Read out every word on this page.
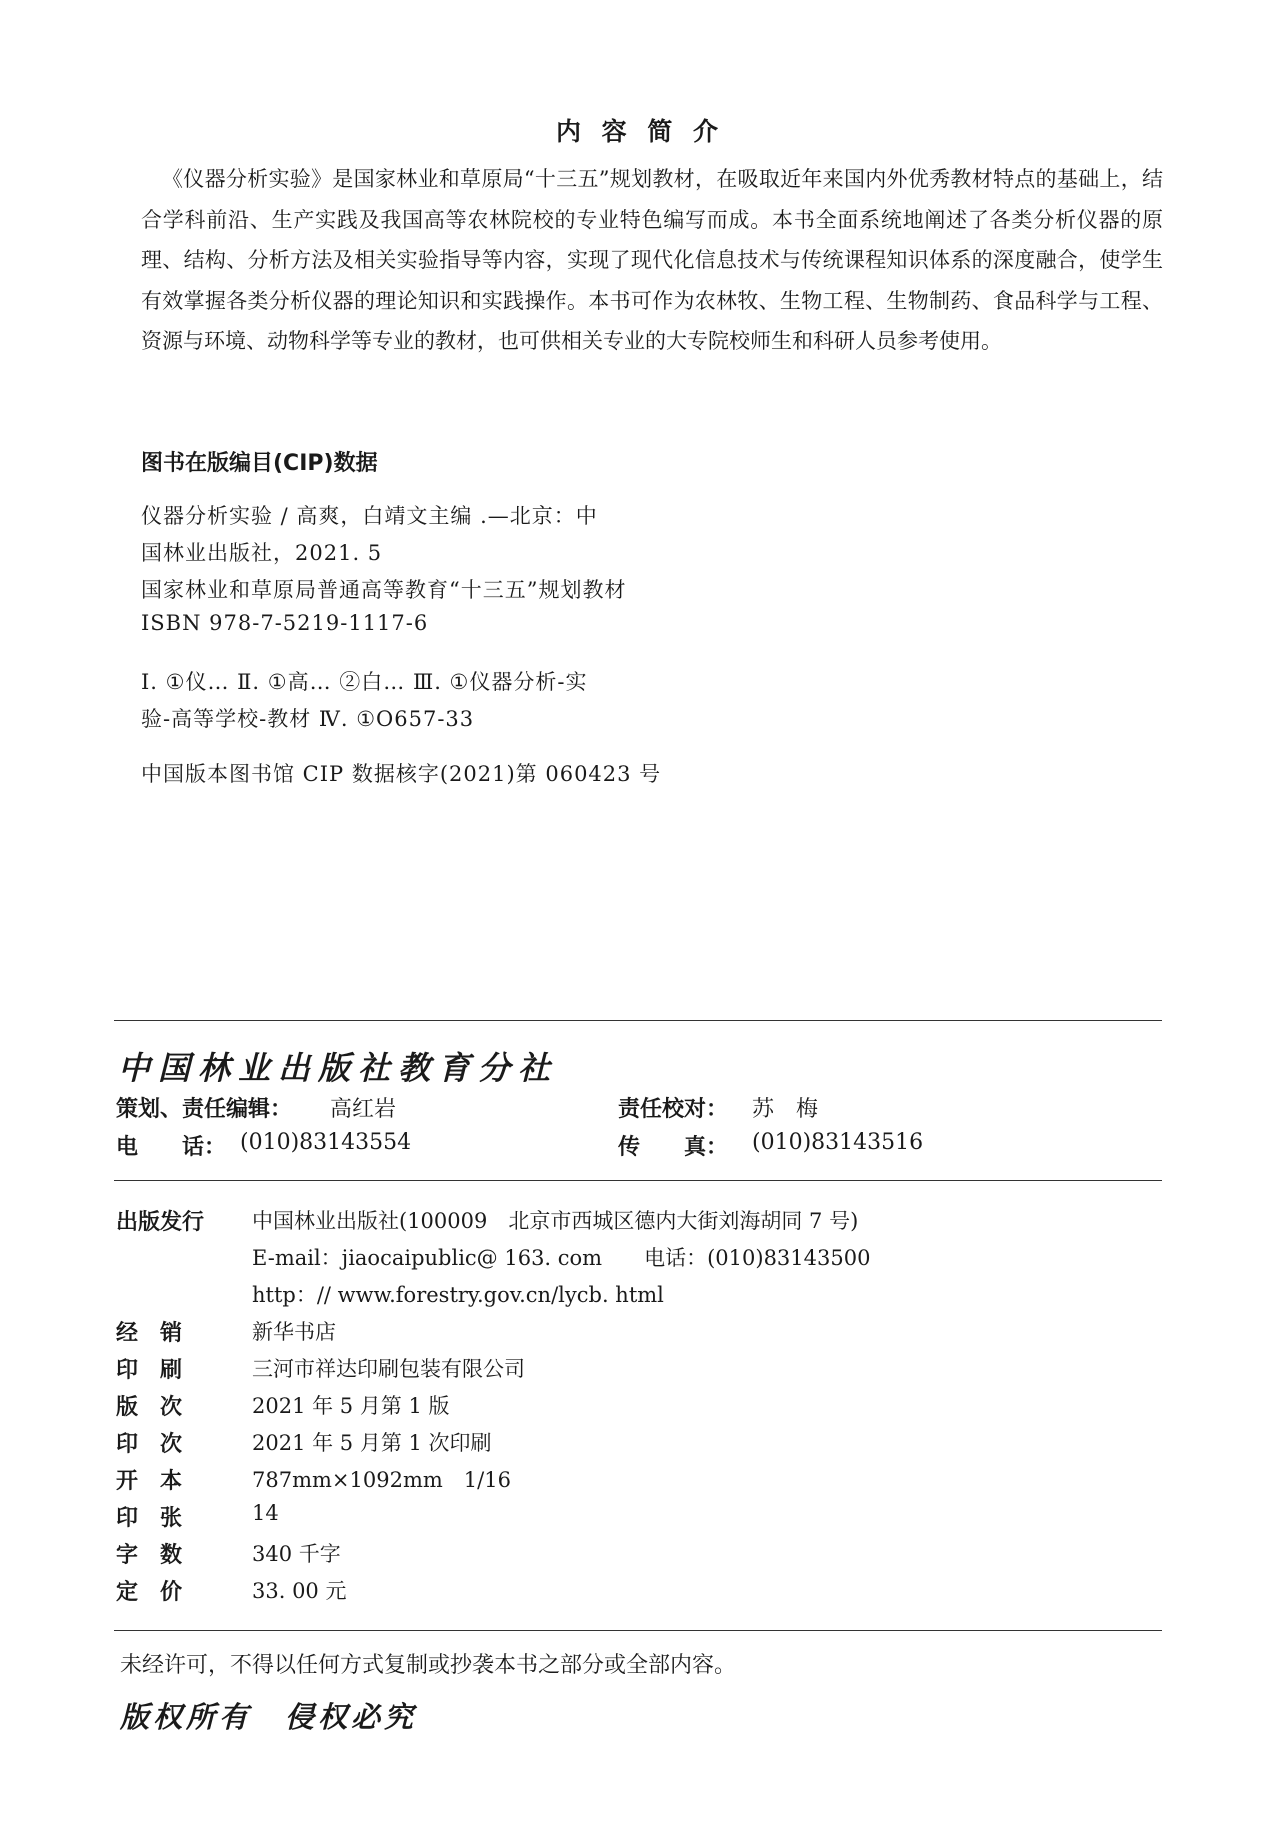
内 容 简 介
《仪器分析实验》是国家林业和草原局“十三五”规划教材，在吸取近年来国内外优秀教材特点的基础上，结合学科前沿、生产实践及我国高等农林院校的专业特色编写而成。本书全面系统地阐述了各类分析仪器的原理、结构、分析方法及相关实验指导等内容，实现了现代化信息技术与传统课程知识体系的深度融合，使学生有效掌握各类分析仪器的理论知识和实践操作。本书可作为农林牧、生物工程、生物制药、食品科学与工程、资源与环境、动物科学等专业的教材，也可供相关专业的大专院校师生和科研人员参考使用。
图书在版编目(CIP)数据
仪器分析实验 / 高爽，白靖文主编 .—北京：中
国林业出版社，2021. 5
国家林业和草原局普通高等教育“十三五”规划教材
ISBN 978-7-5219-1117-6
Ⅰ. ①仪… Ⅱ. ①高… ②白… Ⅲ. ①仪器分析-实
验-高等学校-教材 Ⅳ. ①O657-33
中国版本图书馆 CIP 数据核字(2021)第 060423 号
中国林业出版社教育分社
策划、责任编辑： 高红岩	责任校对： 苏　梅
电　　话： (010)83143554	传　　真： (010)83143516
出版发行 中国林业出版社(100009　北京市西城区德内大街刘海胡同 7 号)
E-mail：jiaocaipublic@ 163. com　　电话：(010)83143500
http：// www.forestry.gov.cn/lycb. html
经　销	新华书店
印　刷	三河市祥达印刷包装有限公司
版　次	2021 年 5 月第 1 版
印　次	2021 年 5 月第 1 次印刷
开　本	787mm×1092mm　1/16
印　张	14
字　数	340 千字
定　价	33. 00 元
未经许可，不得以任何方式复制或抄袭本书之部分或全部内容。
版权所有　侵权必究
